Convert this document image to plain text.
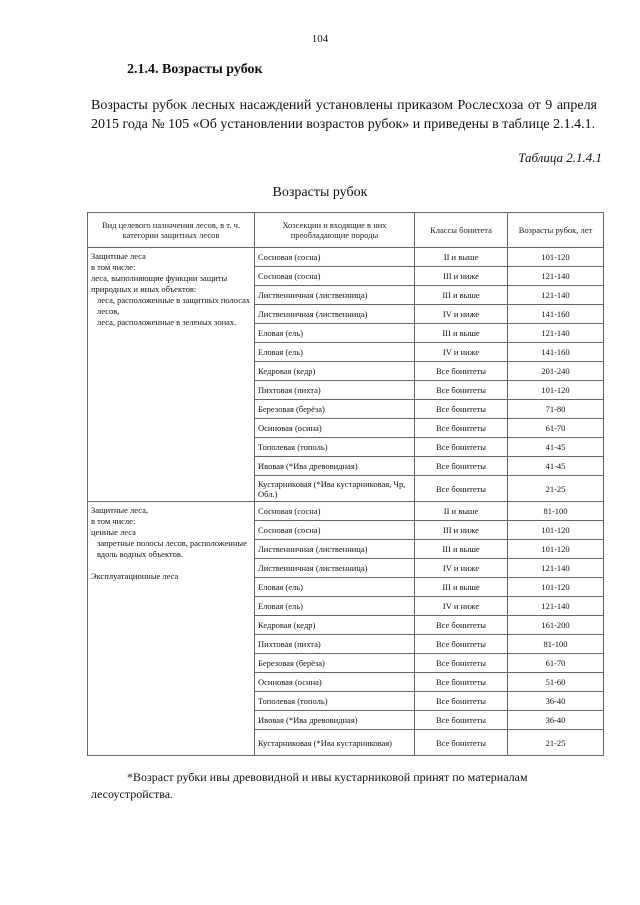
104
2.1.4. Возрасты рубок

Возрасты рубок лесных насаждений установлены приказом Рослесхоза от 9 апреля 2015 года № 105 «Об установлении возрастов рубок» и приведены в таблице 2.1.4.1.

Таблица 2.1.4.1
Возрасты рубок
Вид целевого назначения лесов, в т. ч. категории защитных лесов	Хозсекции и входящие в них преобладающие породы	Классы бонитета	Возрасты рубок, лет

Защитные леса
в том числе:
леса, выполняющие функции защиты природных и иных объектов:
леса, расположенные в защитных полосах лесов,
леса, расположенные в зеленых зонах.	Сосновая (сосна)	II и выше	101-120
	Сосновая (сосна)	III и ниже	121-140
	Лиственничная (лиственница)	III и выше	121-140
	Лиственничная (лиственница)	IV и ниже	141-160
	Еловая (ель)	III и выше	121-140
	Еловая (ель)	IV и ниже	141-160
	Кедровая (кедр)	Все бонитеты	201-240
	Пихтовая (пихта)	Все бонитеты	101-120
	Березовая (берёза)	Все бонитеты	71-80
	Осиновая (осина)	Все бонитеты	61-70
	Тополевая (тополь)	Все бонитеты	41-45
	Ивовая (*Ива древовидная)	Все бонитеты	41-45
	Кустарниковая (*Ива кустарниковая, Чр, Обл.)	Все бонитеты	21-25

Защитные леса,
в том числе:
ценные леса
запретные полосы лесов, расположенные вдоль водных объектов.

Эксплуатационные леса	Сосновая (сосна)	II и выше	81-100
	Сосновая (сосна)	III и ниже	101-120
	Лиственничная (лиственница)	III и выше	101-120
	Лиственничная (лиственница)	IV и ниже	121-140
	Еловая (ель)	III и выше	101-120
	Еловая (ель)	IV и ниже	121-140
	Кедровая (кедр)	Все бонитеты	161-200
	Пихтовая (пихта)	Все бонитеты	81-100
	Березовая (берёза)	Все бонитеты	61-70
	Осиновая (осина)	Все бонитеты	51-60
	Тополевая (тополь)	Все бонитеты	36-40
	Ивовая (*Ива древовидная)	Все бонитеты	36-40
	Кустарниковая (*Ива кустарниковая)	Все бонитеты	21-25

*Возраст рубки ивы древовидной и ивы кустарниковой принят по материалам лесоустройства.
